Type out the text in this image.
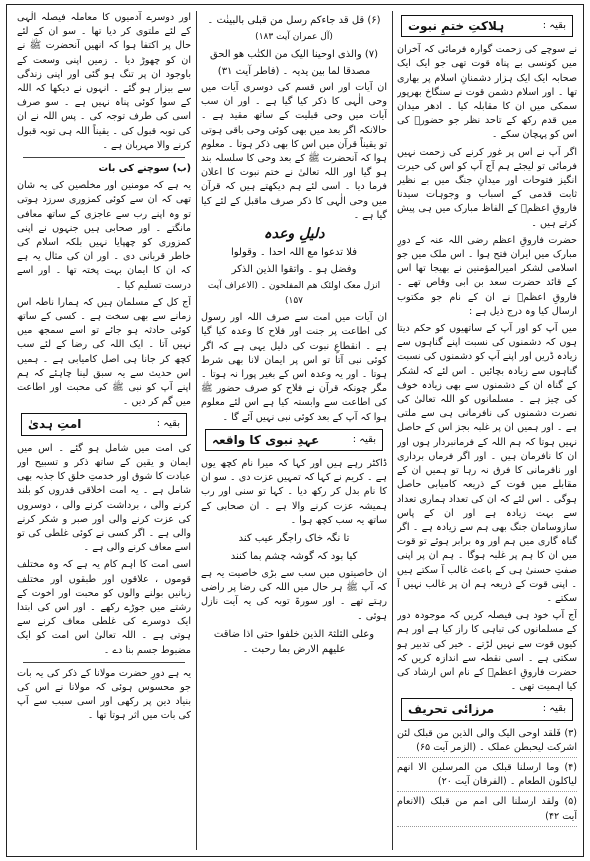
بقیہ :
ہلاکتِ ختمِ نبوت

نے سوچے کی زحمت گوارہ فرمائی کہ آخران میں کونسی بے پناہ قوت تھی جو ایک ایک صحابہ ایک ایک ہزار دشمنانِ اسلام پر بھاری تھا ۔ اور اسلام دشمن قوت نے سنگاخ بھرپور سمکی میں ان کا مقابلہ کیا ۔ ادھر میدان میں قدم رکھ کے تاحد نظر جو حضورؐ کی اس کو پہچان سکے ۔

اگر آپ نے اس پر غور کرنے کی زحمت نہیں فرمائی تو لیجئے ہم آج آپ کو اس کی حیرت انگیز فتوحات اور میدانِ جنگ میں بے نظیر ثابت قدمی کے اسباب و وجوہات سیدنا فاروقِ اعظمؓ کے الفاظ مبارک میں ہی پیش کرتے ہیں ۔

حضرت فاروقِ اعظم رضی اللہ عنہ کے دورِ مبارک میں ایران فتح ہوا ۔ اس ملک میں جو اسلامی لشکر امیرالمؤمنین نے بھیجا تھا اس کے قائد حضرت سعد بن ابی وقاص تھے ۔ فاروقِ اعظمؓ نے ان کے نام جو مکتوب ارسال کیا وہ درج ذیل ہے :

میں آپ کو اور آپ کے ساتھیوں کو حکم دیتا ہوں کہ دشمنوں کی نسبت اپنے گناہوں سے زیادہ ڈریں اور اپنے آپ کو دشمنوں کی نسبت گناہوں سے زیادہ بچائیں ۔ اس لئے کہ لشکر کے گناہ ان کے دشمنوں سے بھی زیادہ خوف کی چیز ہے ۔ مسلمانوں کو اللہ تعالیٰ کی نصرت دشمنوں کی نافرمانی ہی سے ملتی ہے ۔ اور ہمیں ان پر غلبہ بجز اس کے حاصل نہیں ہوتا کہ ہم اللہ کے فرمانبردار ہوں اور ان کا نافرمان ہیں ۔ اور اگر فرماں برداری اور نافرمانی کا فرق نہ رہا تو ہمیں ان کے مقابلے میں قوت کے ذریعہ کامیابی حاصل ہوگی ۔ اس لئے کہ ان کی تعداد ہماری تعداد سے بہت زیادہ ہے اور ان کے پاس سازوسامان جنگ بھی ہم سے زیادہ ہے ۔ اگر گناہ گاری میں ہم اور وہ برابر ہوئے تو قوت میں ان کا ہم پر غلبہ ہوگا ۔ ہم ان پر اپنی صفتِ حسنیٰ ہی کے باعث غالب آ سکتے ہیں ۔ اپنی قوت کے ذریعہ ہم ان پر غالب نہیں آ سکتے ۔

آج آپ خود ہی فیصلہ کریں کہ موجودہ دور کے مسلمانوں کی تباہی کا راز کیا ہے اور ہم کیوں قوت سے نہیں لڑتے ۔ خیر کی تدبیر ہو سکتی ہے ۔ اسی نقطہ سے اندازہ کریں کہ حضرت فاروقِ اعظمؓ کے نام اس ارشاد کی کیا اہمیت تھی ۔

بقیہ :
مرزائی تحریف

(۳) فَلقد اوحی الیک والی الذین من قبلک لئن اشرکت لیحبطن عملک ۔ (الزمر آیت ۶۵)

(۴) وما ارسلنا قبلک من المرسلین الا انھم لیاکلون الطعام ۔ (الفرقان آیت ۲۰)

(۵) ولقد ارسلنا الی امم من قبلک (الانعام آیت ۴۲)

(۶) قل قد جاءکم رسل من قبلی بالبینٰت ۔
(آل عمران آیت ۱۸۳)
(۷) والذی اوحینا الیک من الکتٰب ھو الحق
مصدقا لما بین یدیہ ۔ (فاطر آیت ۳۱)

ان آیات اور اس قسم کی دوسری آیات میں وحی الٰہی کا ذکر کیا گیا ہے ۔ اور ان سب آیات میں وحی قبلیت کے ساتھ مقید ہے ۔ حالانکہ اگر بعد میں بھی کوئی وحی باقی ہوتی تو یقیناً قرآن میں اس کا بھی ذکر ہوتا ۔ معلوم ہوا کہ آنحضرت ﷺ کے بعد وحی کا سلسلہ بند ہو گیا اور اللہ تعالیٰ نے ختم نبوت کا اعلان فرما دیا ۔ اسی لئے ہم دیکھتے ہیں کہ قرآن میں وحی الٰہی کا ذکر صرف ماقبل کے لئے کیا گیا ہے ۔

دلیلِ وعدہ
فلا تدعوا مع اللہ احدا ۔ وقولوا
وفضل ہو ۔ واتقوا الذین الذکر
انزل معک اولئک ھم المفلحون ۔ (الاعراف آیت ۱۵۷)

ان آیات میں امت سے صرف اللہ اور رسول کی اطاعت پر جنت اور فلاح کا وعدہ کیا گیا ہے ۔ انقطاعِ نبوت کی دلیل یہی ہے کہ اگر کوئی نبی آتا تو اس پر ایمان لانا بھی شرط ہوتا ۔ اور یہ وعدہ اس کے بغیر پورا نہ ہوتا ۔ مگر چونکہ قرآن نے فلاح کو صرف حضور ﷺ کی اطاعت سے وابستہ کیا ہے اس لئے معلوم ہوا کہ آپ کے بعد کوئی نبی نہیں آئے گا ۔

بقیہ :
عہدِ نبوی کا واقعہ

ڈاکٹر رہے ہیں اور کہا کہ میرا نام کچھ یوں ہے ۔ کریم نے کہا کہ تمہیں عزت دی ۔ سو ان کا نام بدل کر رکھ دیا ۔ کہا تو سنی اور رب ہمیشہ عزت کرنے والا ہے ۔ ان صحابی کے ساتھ یہ سب کچھ ہوا ۔

تا نگہ خاک راجگر عیب کند
کیا بود کہ گوشہ چشم بما کنند

ان خاصیتوں میں سب سے بڑی خاصیت یہ ہے کہ آپ ﷺ ہر حال میں اللہ کی رضا پر راضی رہتے تھے ۔ اور سورۃ توبہ کی یہ آیت نازل ہوئی ۔

وعلی الثلثۃ الذین خلفوا حتی اذا ضاقت علیھم الارض بما رحبت ۔

اور دوسرے آدمیوں کا معاملہ فیصلہ الٰہی کے لئے ملتوی کر دیا تھا ۔ سو ان کے لئے حال پر اکتفا ہوا کہ انھیں آنحضرت ﷺ نے ان کو چھوڑ دیا ۔ زمین اپنی وسعت کے باوجود ان پر تنگ ہو گئی اور اپنی زندگی سے بیزار ہو گئے ۔ انہوں نے دیکھا کہ اللہ کے سوا کوئی پناہ نہیں ہے ۔ سو صرف اسی کی طرف توجہ کی ۔ پس اللہ نے ان کی توبہ قبول کی ۔ یقیناً اللہ ہی توبہ قبول کرنے والا مہربان ہے ۔

(ب) سوچنے کی بات

یہ ہے کہ مومنین اور مخلصین کی یہ شان تھی کہ ان سے کوئی کمزوری سرزد ہوتی تو وہ اپنے رب سے عاجزی کے ساتھ معافی مانگتے ۔ اور صحابی ہیں جنہوں نے اپنی کمزوری کو چھپایا نہیں بلکہ اسلام کی خاطر قربانی دی ۔ اور ان کی مثال یہ ہے کہ ان کا ایمان بہت پختہ تھا ۔ اور اسے درست تسلیم کیا ۔

آج کل کے مسلمان ہیں کہ ہمارا ناطہ اس زمانے سے بھی سخت ہے ۔ کسی کے ساتھ کوئی حادثہ ہو جائے تو اسے سمجھ میں نہیں آتا ۔ ایک اللہ کی رضا کے لئے سب کچھ کر جانا ہی اصل کامیابی ہے ۔ ہمیں اس حدیث سے یہ سبق لینا چاہئے کہ ہم اپنے آپ کو نبی ﷺ کی محبت اور اطاعت میں گم کر دیں ۔

بقیہ :
امتِ ہدیٰ

کی امت میں شامل ہو گئے ۔ اس میں ایمان و یقین کے ساتھ ذکر و تسبیح اور عبادت کا شوق اور خدمتِ خلق کا جذبہ بھی شامل ہے ۔ یہ امت اخلاقی قدروں کو بلند کرنے والی ، برداشت کرنے والی ، دوسروں کی عزت کرنے والی اور صبر و شکر کرنے والی ہے ۔ اگر کسی نے کوئی غلطی کی تو اسے معاف کرنے والی ہے ۔

اسی امت کا اہم کام یہ ہے کہ وہ مختلف قوموں ، علاقوں اور طبقوں اور مختلف زبانیں بولنے والوں کو محبت اور اخوت کے رشتے میں جوڑے رکھے ۔ اور اس کی ابتدا ایک دوسرے کی غلطی معاف کرنے سے ہوتی ہے ۔ اللہ تعالیٰ اس امت کو ایک مضبوط جسم بنا دے ۔

یہ ہے دورِ حضرت مولانا کے ذکر کی یہ بات جو محسوس ہوئی کہ مولانا نے اس کی بنیاد دین پر رکھی اور اسی سبب سے آپ کی بات میں اثر ہوتا تھا ۔
